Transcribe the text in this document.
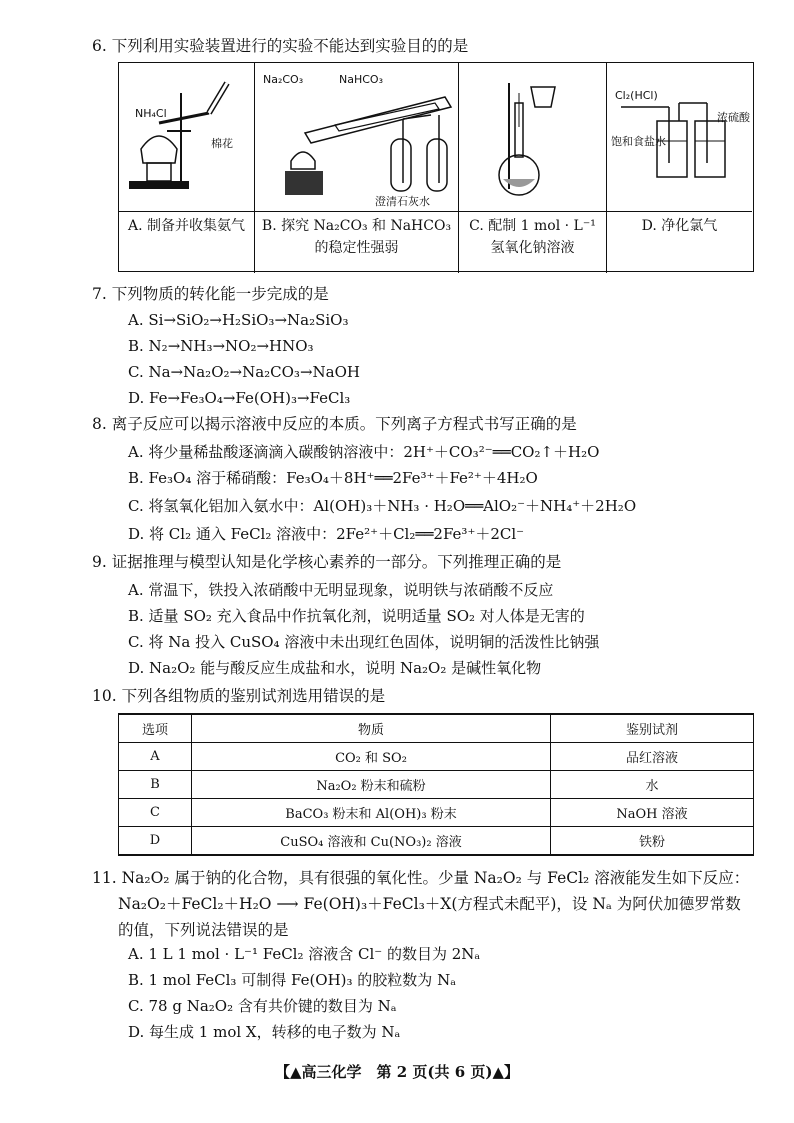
6. 下列利用实验装置进行的实验不能达到实验目的的是
NH₄Cl
棉花
A. 制备并收集氨气
Na₂CO₃	NaHCO₃
澄清石灰水
B. 探究 Na₂CO₃ 和 NaHCO₃ 的稳定性强弱
C. 配制 1 mol · L⁻¹ 氢氧化钠溶液
Cl₂(HCl)
饱和食盐水
浓硫酸
D. 净化氯气
7. 下列物质的转化能一步完成的是
A. Si→SiO₂→H₂SiO₃→Na₂SiO₃
B. N₂→NH₃→NO₂→HNO₃
C. Na→Na₂O₂→Na₂CO₃→NaOH
D. Fe→Fe₃O₄→Fe(OH)₃→FeCl₃
8. 离子反应可以揭示溶液中反应的本质。下列离子方程式书写正确的是
A. 将少量稀盐酸逐滴滴入碳酸钠溶液中：2H⁺＋CO₃²⁻══CO₂↑＋H₂O
B. Fe₃O₄ 溶于稀硝酸：Fe₃O₄＋8H⁺══2Fe³⁺＋Fe²⁺＋4H₂O
C. 将氢氧化铝加入氨水中：Al(OH)₃＋NH₃ · H₂O══AlO₂⁻＋NH₄⁺＋2H₂O
D. 将 Cl₂ 通入 FeCl₂ 溶液中：2Fe²⁺＋Cl₂══2Fe³⁺＋2Cl⁻
9. 证据推理与模型认知是化学核心素养的一部分。下列推理正确的是
A. 常温下，铁投入浓硝酸中无明显现象，说明铁与浓硝酸不反应
B. 适量 SO₂ 充入食品中作抗氧化剂，说明适量 SO₂ 对人体是无害的
C. 将 Na 投入 CuSO₄ 溶液中未出现红色固体，说明铜的活泼性比钠强
D. Na₂O₂ 能与酸反应生成盐和水，说明 Na₂O₂ 是碱性氧化物
10. 下列各组物质的鉴别试剂选用错误的是
选项	物质	鉴别试剂
A	CO₂ 和 SO₂	品红溶液
B	Na₂O₂ 粉末和硫粉	水
C	BaCO₃ 粉末和 Al(OH)₃ 粉末	NaOH 溶液
D	CuSO₄ 溶液和 Cu(NO₃)₂ 溶液	铁粉
11. Na₂O₂ 属于钠的化合物，具有很强的氧化性。少量 Na₂O₂ 与 FeCl₂ 溶液能发生如下反应：
Na₂O₂＋FeCl₂＋H₂O ⟶ Fe(OH)₃＋FeCl₃＋X(方程式未配平)，设 Nₐ 为阿伏加德罗常数
的值，下列说法错误的是
A. 1 L 1 mol · L⁻¹ FeCl₂ 溶液含 Cl⁻ 的数目为 2Nₐ
B. 1 mol FeCl₃ 可制得 Fe(OH)₃ 的胶粒数为 Nₐ
C. 78 g Na₂O₂ 含有共价键的数目为 Nₐ
D. 每生成 1 mol X，转移的电子数为 Nₐ
【▲高三化学　第 2 页(共 6 页)▲】
